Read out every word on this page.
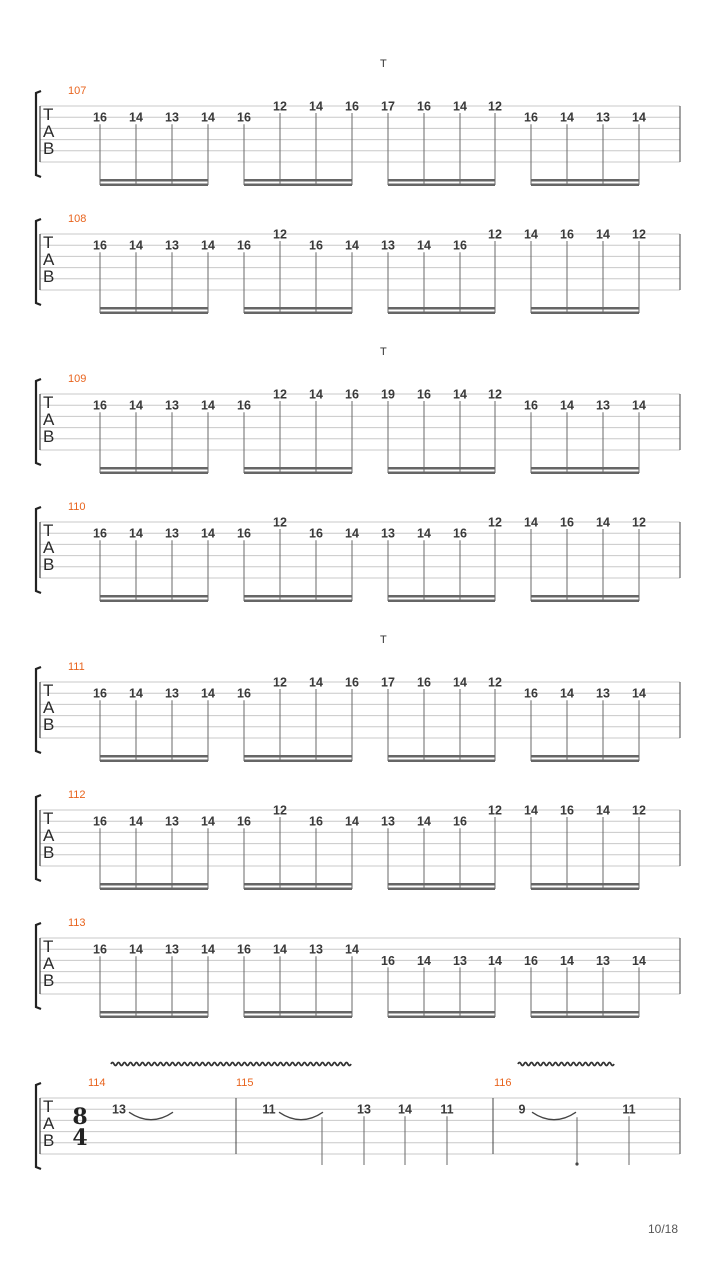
T
A
B
107
T
16 14 13 14 16
12 14 16 17 16 14 12
16 14 13 14
T
A
B
108
16 14 13 14 16
12
16 14 13 14 16
12 14 16 14 12
T
A
B
109
T
16 14 13 14 16
12 14 16 19 16 14 12
16 14 13 14
T
A
B
110
16 14 13 14 16
12
16 14 13 14 16
12 14 16 14 12
T
A
B
111
T
16 14 13 14 16
12 14 16 17 16 14 12
16 14 13 14
T
A
B
112
16 14 13 14 16
12
16 14 13 14 16
12 14 16 14 12
T
A
B
113
16 14 13 14 16 14 13 14
16 14 13 14 16 14 13 14
T
A
B
8
4
114	115	116
13	11	13 14 11	9	11
10/18
